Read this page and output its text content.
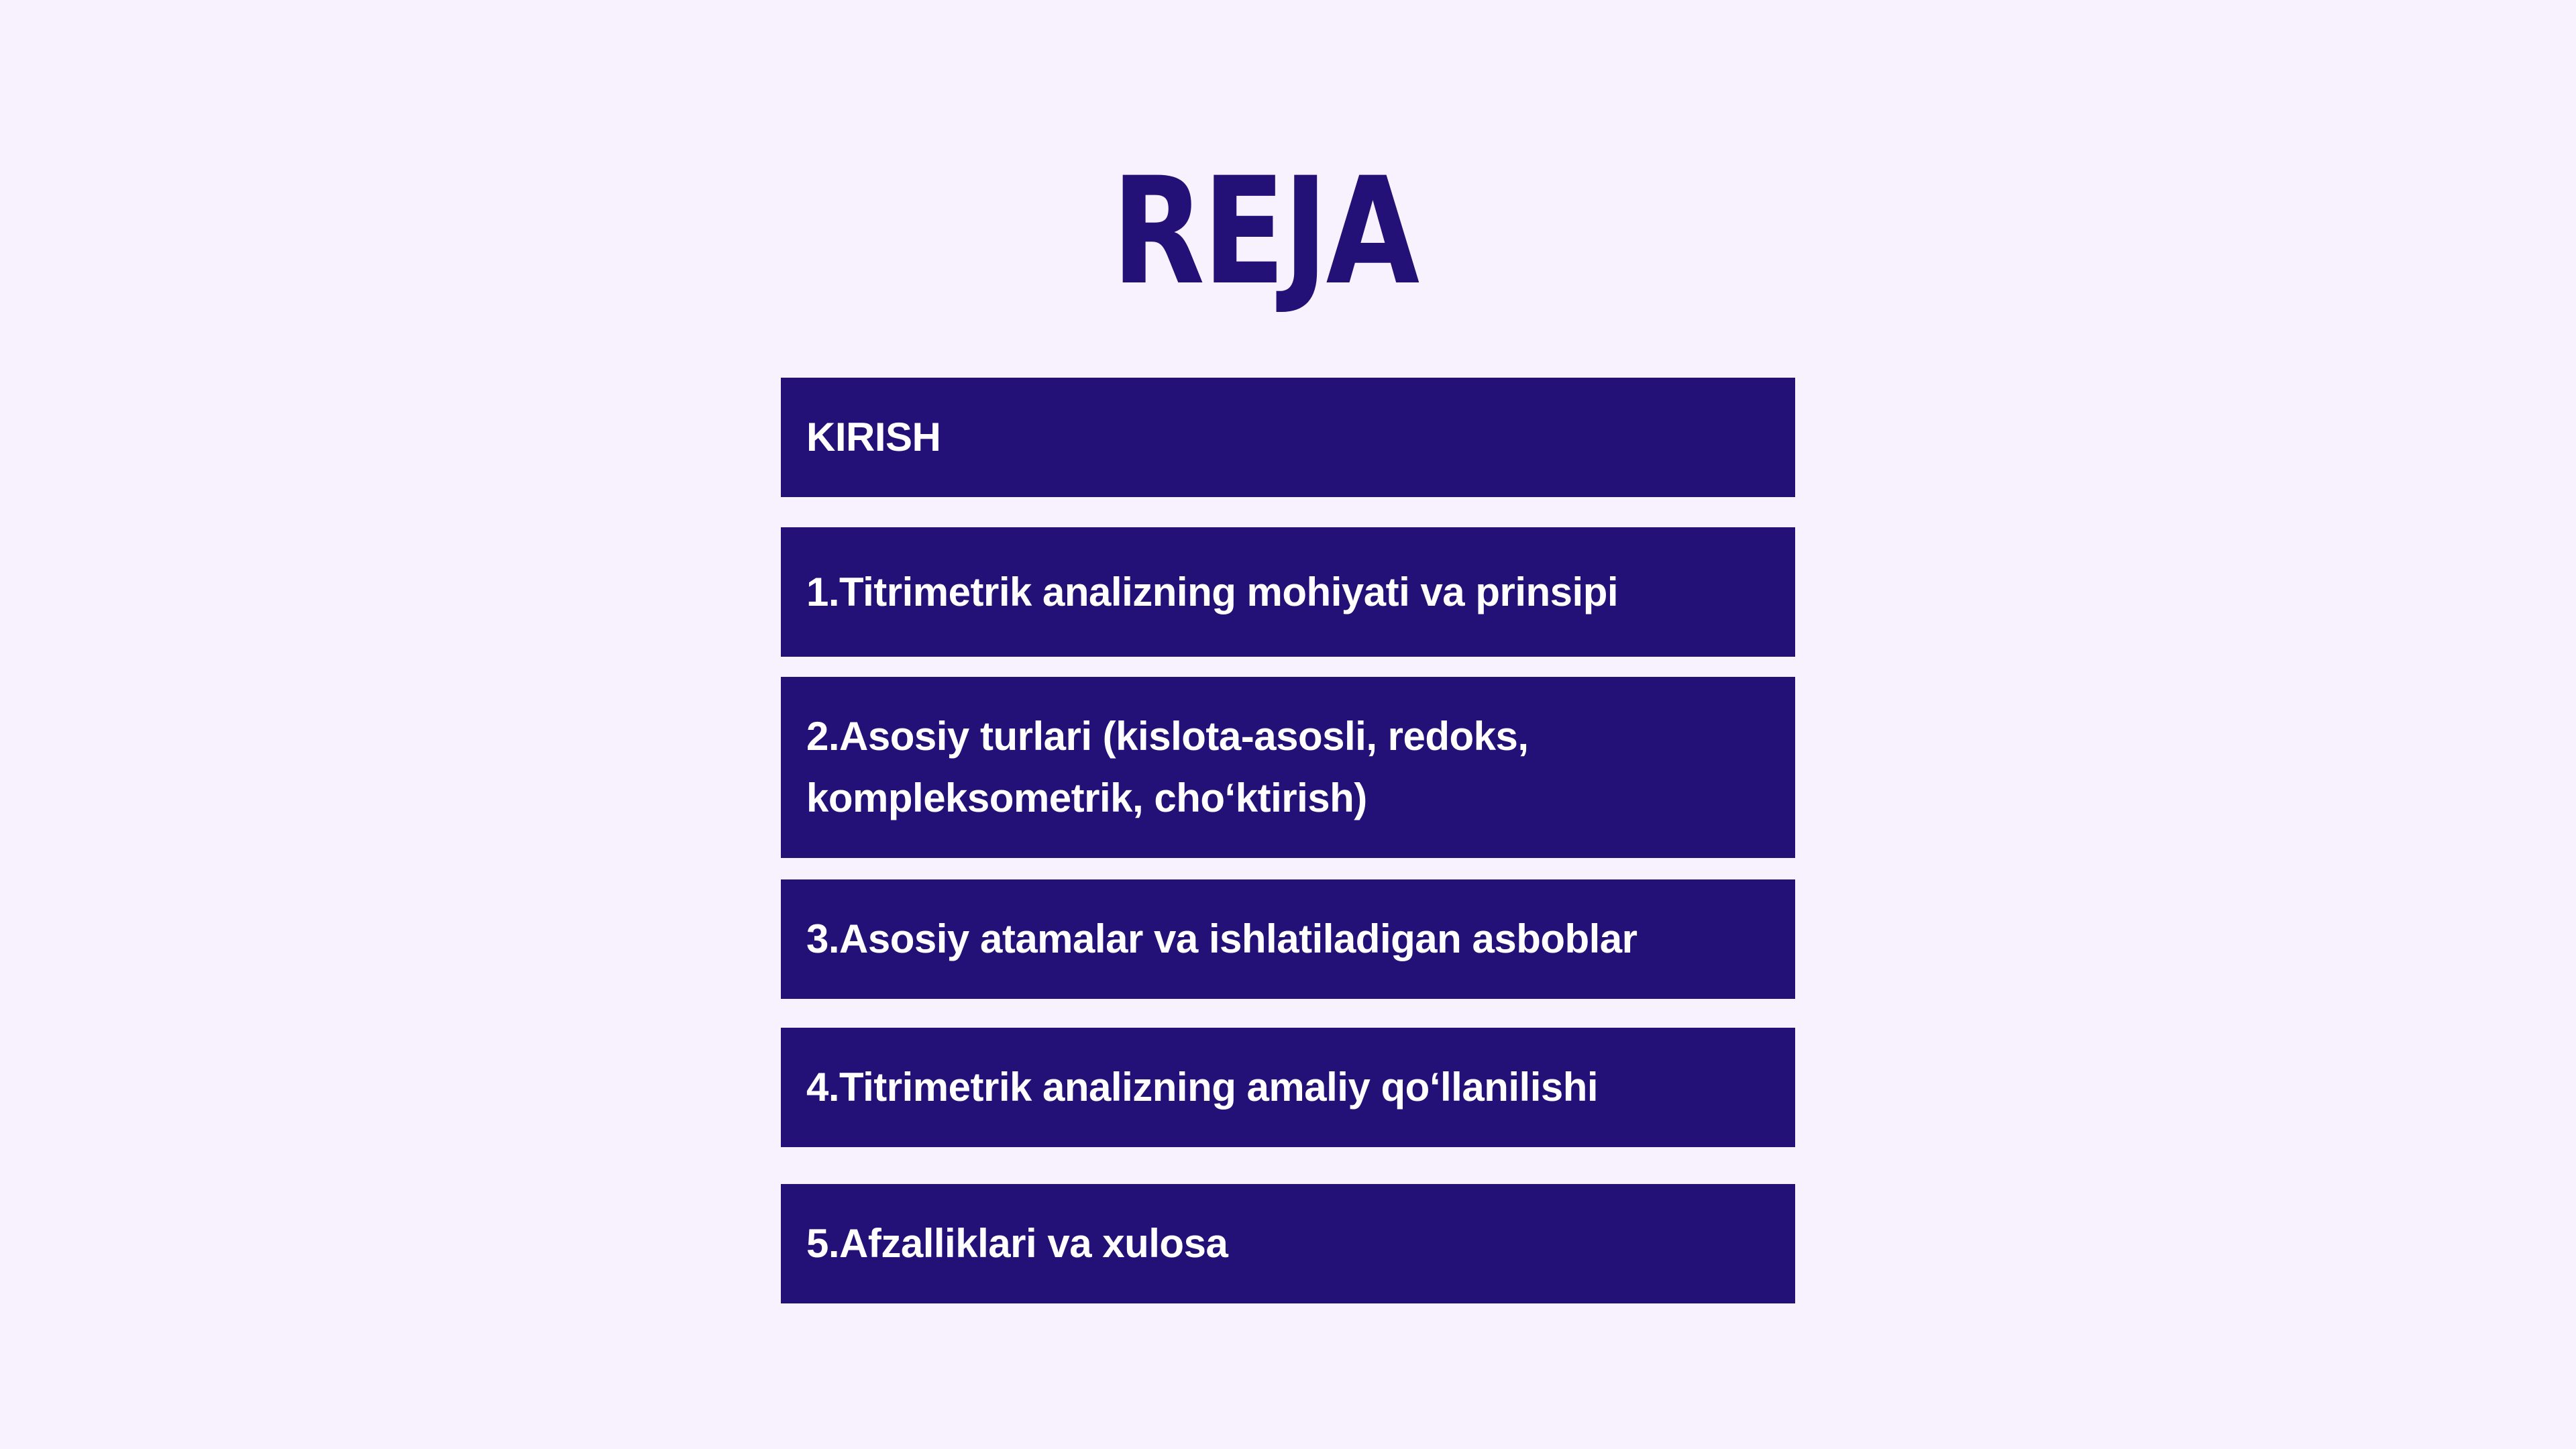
REJA
KIRISH
1.Titrimetrik analizning mohiyati va prinsipi
2.Asosiy turlari (kislota-asosli, redoks, kompleksometrik, cho‘ktirish)
3.Asosiy atamalar va ishlatiladigan asboblar
4.Titrimetrik analizning amaliy qo‘llanilishi
5.Afzalliklari va xulosa
